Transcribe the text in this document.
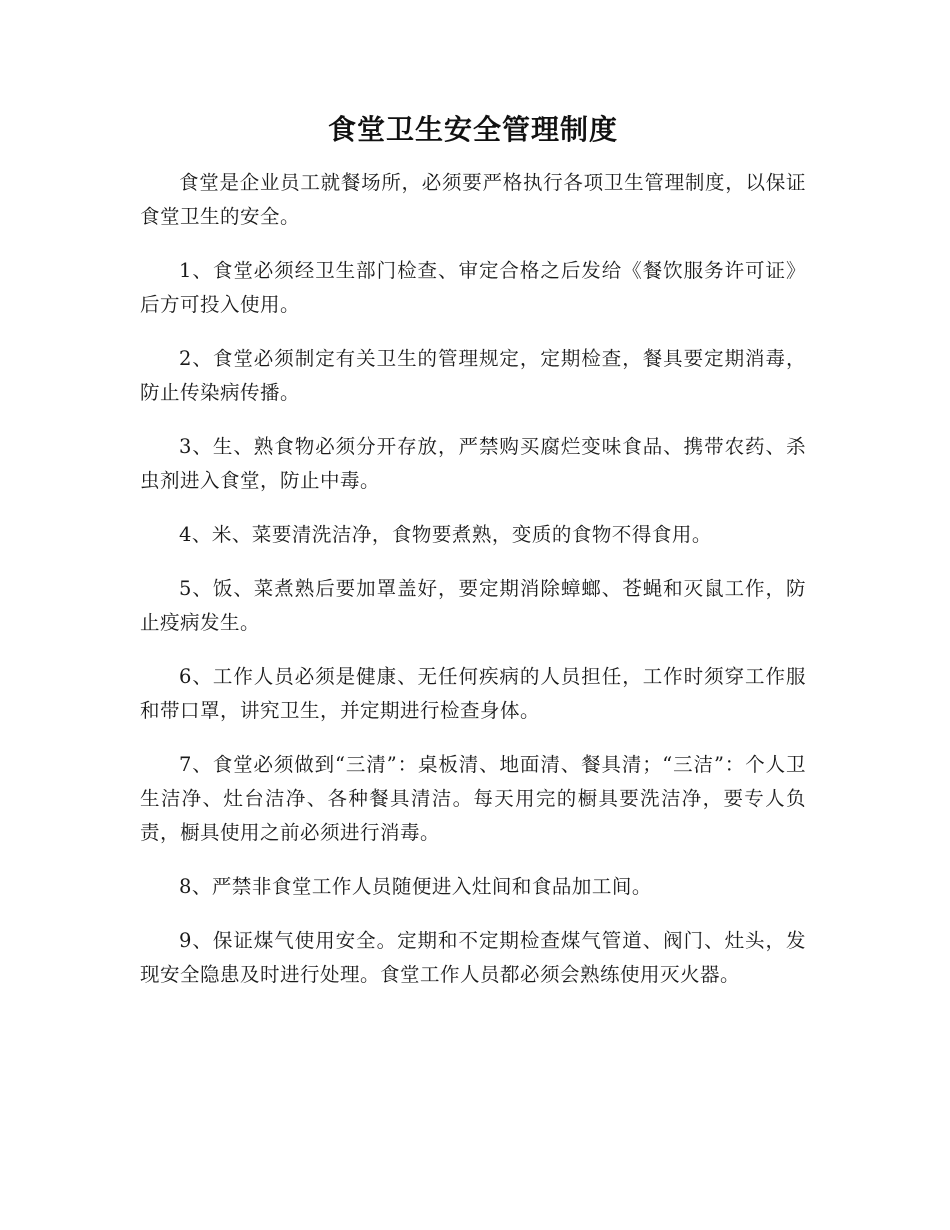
食堂卫生安全管理制度

食堂是企业员工就餐场所，必须要严格执行各项卫生管理制度，以保证食堂卫生的安全。

1、食堂必须经卫生部门检查、审定合格之后发给《餐饮服务许可证》后方可投入使用。

2、食堂必须制定有关卫生的管理规定，定期检查，餐具要定期消毒，防止传染病传播。

3、生、熟食物必须分开存放，严禁购买腐烂变味食品、携带农药、杀虫剂进入食堂，防止中毒。

4、米、菜要清洗洁净，食物要煮熟，变质的食物不得食用。

5、饭、菜煮熟后要加罩盖好，要定期消除蟑螂、苍蝇和灭鼠工作，防止疫病发生。

6、工作人员必须是健康、无任何疾病的人员担任，工作时须穿工作服和带口罩，讲究卫生，并定期进行检查身体。

7、食堂必须做到“三清”：桌板清、地面清、餐具清；“三洁”：个人卫生洁净、灶台洁净、各种餐具清洁。每天用完的橱具要洗洁净，要专人负责，橱具使用之前必须进行消毒。

8、严禁非食堂工作人员随便进入灶间和食品加工间。

9、保证煤气使用安全。定期和不定期检查煤气管道、阀门、灶头，发现安全隐患及时进行处理。食堂工作人员都必须会熟练使用灭火器。
